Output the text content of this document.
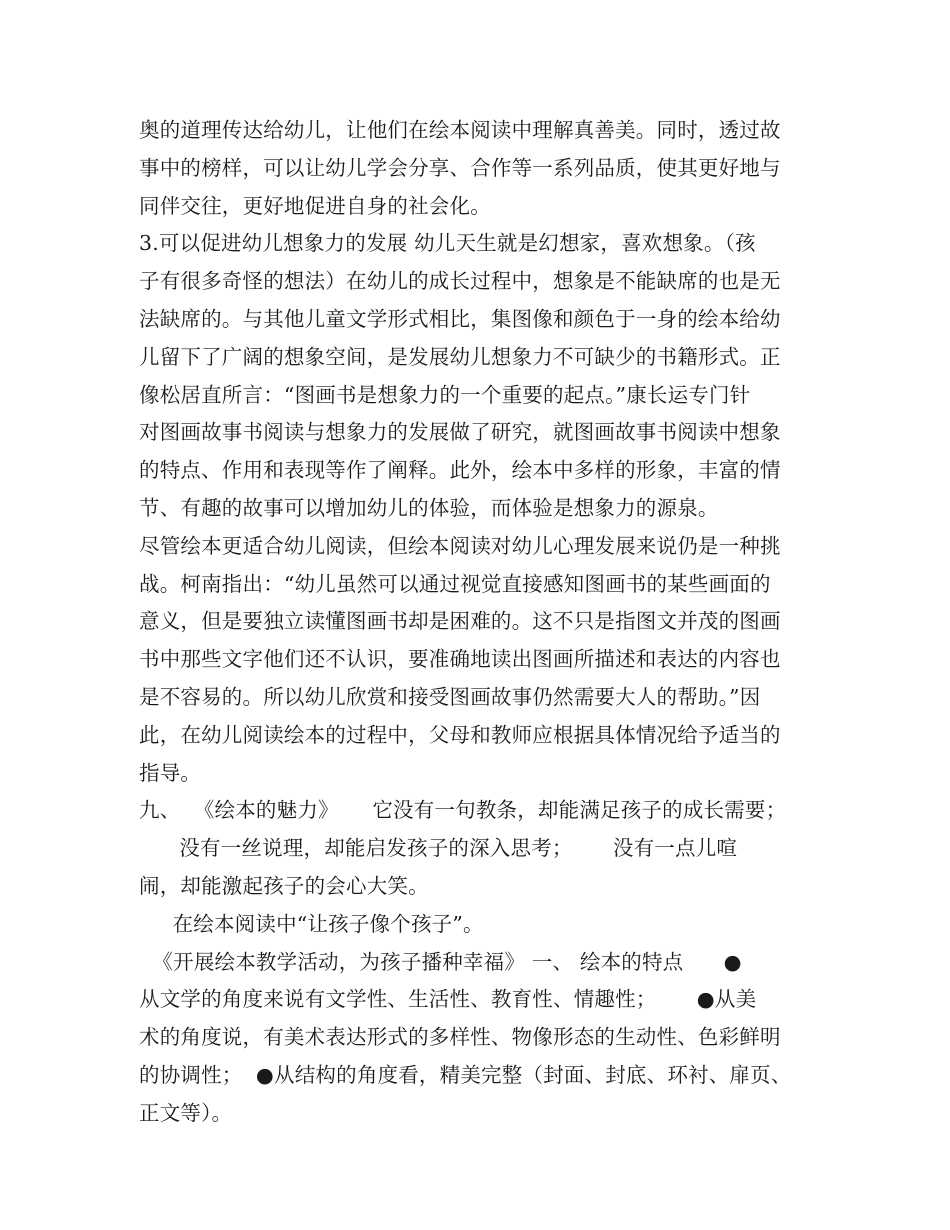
奥的道理传达给幼儿，让他们在绘本阅读中理解真善美。同时，透过故
事中的榜样，可以让幼儿学会分享、合作等一系列品质，使其更好地与
同伴交往，更好地促进自身的社会化。
3.可以促进幼儿想象力的发展 幼儿天生就是幻想家，喜欢想象。（孩
子有很多奇怪的想法）在幼儿的成长过程中，想象是不能缺席的也是无
法缺席的。与其他儿童文学形式相比，集图像和颜色于一身的绘本给幼
儿留下了广阔的想象空间，是发展幼儿想象力不可缺少的书籍形式。正
像松居直所言：“图画书是想象力的一个重要的起点。”康长运专门针
对图画故事书阅读与想象力的发展做了研究，就图画故事书阅读中想象
的特点、作用和表现等作了阐释。此外，绘本中多样的形象，丰富的情
节、有趣的故事可以增加幼儿的体验，而体验是想象力的源泉。
尽管绘本更适合幼儿阅读，但绘本阅读对幼儿心理发展来说仍是一种挑
战。柯南指出：“幼儿虽然可以通过视觉直接感知图画书的某些画面的
意义，但是要独立读懂图画书却是困难的。这不只是指图文并茂的图画
书中那些文字他们还不认识，要准确地读出图画所描述和表达的内容也
是不容易的。所以幼儿欣赏和接受图画故事仍然需要大人的帮助。”因
此，在幼儿阅读绘本的过程中，父母和教师应根据具体情况给予适当的
指导。
九、  《绘本的魅力》     它没有一句教条，却能满足孩子的成长需要；
没有一丝说理，却能启发孩子的深入思考；      没有一点儿喧
闹，却能激起孩子的会心大笑。
在绘本阅读中“让孩子像个孩子”。
《开展绘本教学活动，为孩子播种幸福》 一、 绘本的特点      ●
从文学的角度来说有文学性、生活性、教育性、情趣性；      ●从美
术的角度说，有美术表达形式的多样性、物像形态的生动性、色彩鲜明
的协调性；  ●从结构的角度看，精美完整（封面、封底、环衬、扉页、
正文等）。
